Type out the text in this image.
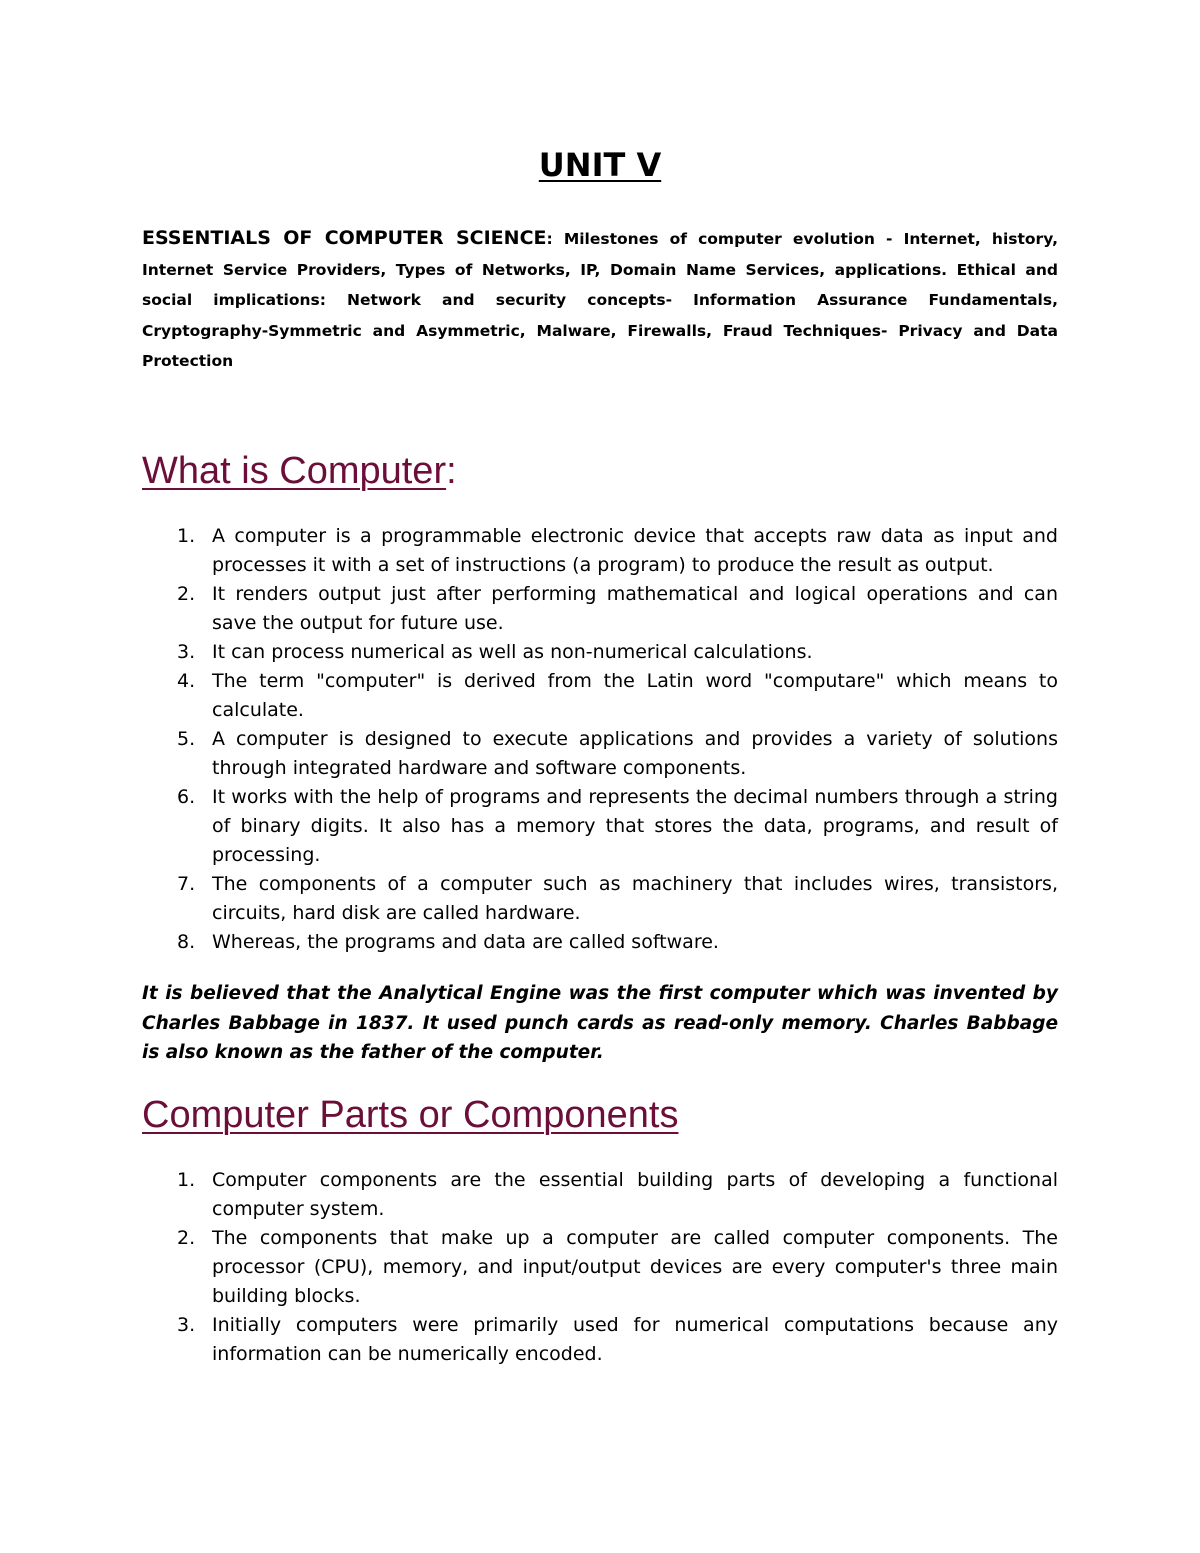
UNIT V

ESSENTIALS OF COMPUTER SCIENCE: Milestones of computer evolution - Internet, history, Internet Service Providers, Types of Networks, IP, Domain Name Services, applications. Ethical and social implications: Network and security concepts- Information Assurance Fundamentals, Cryptography-Symmetric and Asymmetric, Malware, Firewalls, Fraud Techniques- Privacy and Data Protection

What is Computer:
1. A computer is a programmable electronic device that accepts raw data as input and processes it with a set of instructions (a program) to produce the result as output.
2. It renders output just after performing mathematical and logical operations and can save the output for future use.
3. It can process numerical as well as non-numerical calculations.
4. The term "computer" is derived from the Latin word "computare" which means to calculate.
5. A computer is designed to execute applications and provides a variety of solutions through integrated hardware and software components.
6. It works with the help of programs and represents the decimal numbers through a string of binary digits. It also has a memory that stores the data, programs, and result of processing.
7. The components of a computer such as machinery that includes wires, transistors, circuits, hard disk are called hardware.
8. Whereas, the programs and data are called software.

It is believed that the Analytical Engine was the first computer which was invented by Charles Babbage in 1837. It used punch cards as read-only memory. Charles Babbage is also known as the father of the computer.

Computer Parts or Components
1. Computer components are the essential building parts of developing a functional computer system.
2. The components that make up a computer are called computer components. The processor (CPU), memory, and input/output devices are every computer's three main building blocks.
3. Initially computers were primarily used for numerical computations because any information can be numerically encoded.
